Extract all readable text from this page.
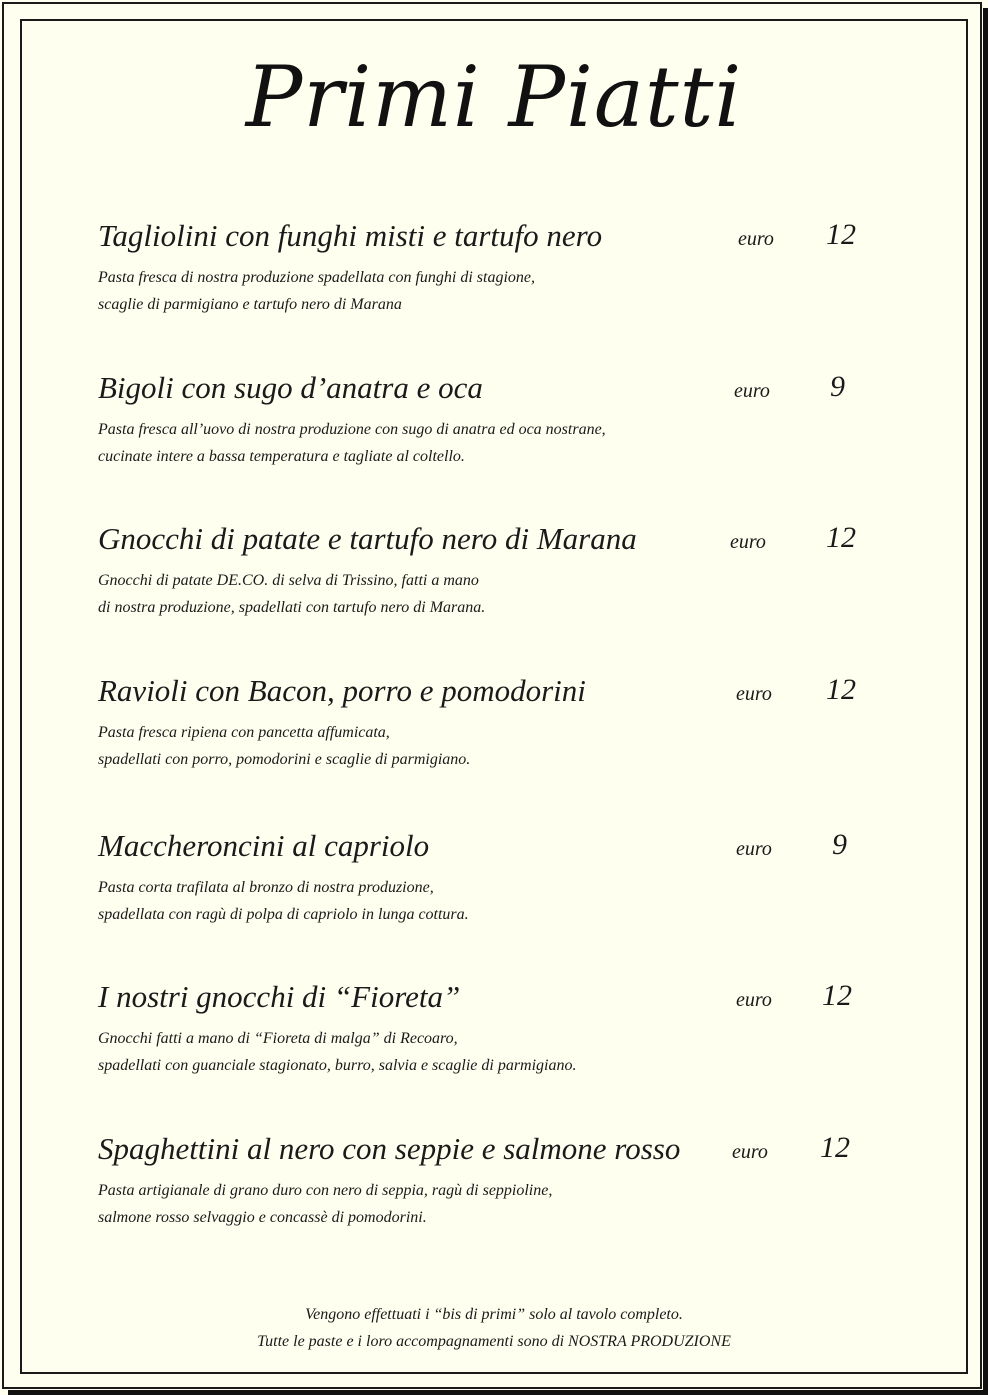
Primi Piatti
Tagliolini con funghi misti e tartufo nero	euro 12
Pasta fresca di nostra produzione spadellata con funghi di stagione,
scaglie di parmigiano e tartufo nero di Marana
Bigoli con sugo d’anatra e oca	euro 9
Pasta fresca all’uovo di nostra produzione con sugo di anatra ed oca nostrane,
cucinate intere a bassa temperatura e tagliate al coltello.
Gnocchi di patate e tartufo nero di Marana	euro 12
Gnocchi di patate DE.CO. di selva di Trissino, fatti a mano
di nostra produzione, spadellati con tartufo nero di Marana.
Ravioli con Bacon, porro e pomodorini	euro 12
Pasta fresca ripiena con pancetta affumicata,
spadellati con porro, pomodorini e scaglie di parmigiano.
Maccheroncini al capriolo	euro 9
Pasta corta trafilata al bronzo di nostra produzione,
spadellata con ragù di polpa di capriolo in lunga cottura.
I nostri gnocchi di “Fioreta”	euro 12
Gnocchi fatti a mano di “Fioreta di malga” di Recoaro,
spadellati con guanciale stagionato, burro, salvia e scaglie di parmigiano.
Spaghettini al nero con seppie e salmone rosso	euro 12
Pasta artigianale di grano duro con nero di seppia, ragù di seppioline,
salmone rosso selvaggio e concassè di pomodorini.
Vengono effettuati i “bis di primi” solo al tavolo completo.
Tutte le paste e i loro accompagnamenti sono di NOSTRA PRODUZIONE
